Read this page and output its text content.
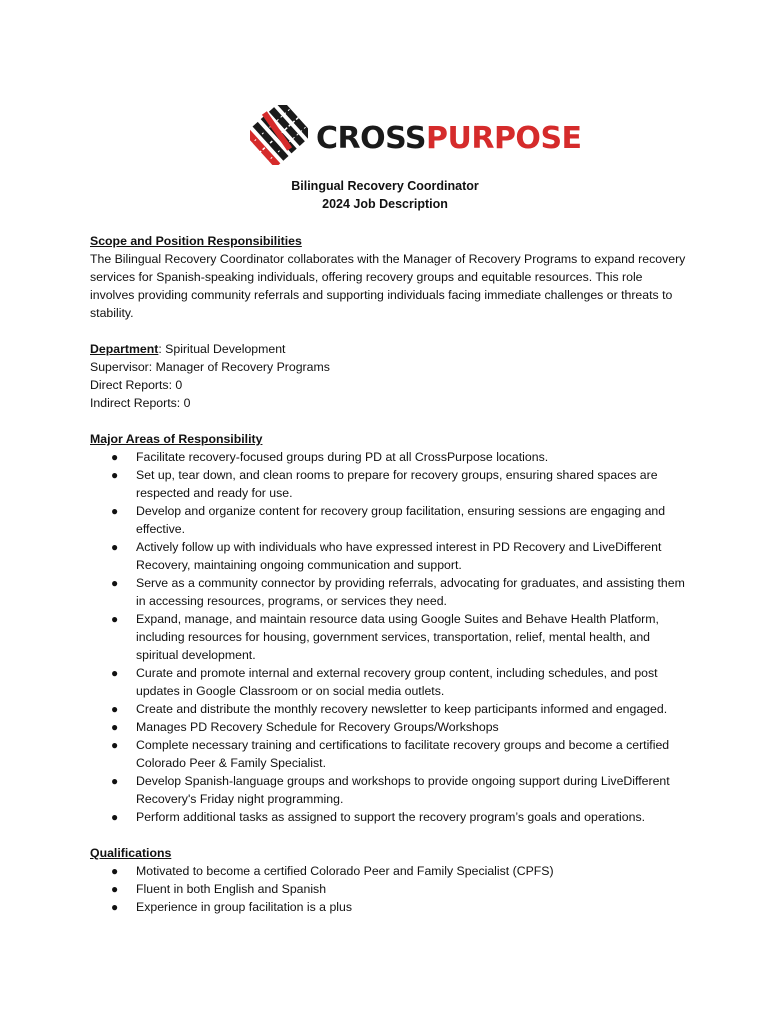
CROSSPURPOSE
Bilingual Recovery Coordinator
2024 Job Description
Scope and Position Responsibilities

The Bilingual Recovery Coordinator collaborates with the Manager of Recovery Programs to expand recovery services for Spanish-speaking individuals, offering recovery groups and equitable resources. This role involves providing community referrals and supporting individuals facing immediate challenges or threats to stability.

Department: Spiritual Development
Supervisor: Manager of Recovery Programs
Direct Reports: 0
Indirect Reports: 0
Major Areas of Responsibility
● Facilitate recovery-focused groups during PD at all CrossPurpose locations.
● Set up, tear down, and clean rooms to prepare for recovery groups, ensuring shared spaces are respected and ready for use.
● Develop and organize content for recovery group facilitation, ensuring sessions are engaging and effective.
● Actively follow up with individuals who have expressed interest in PD Recovery and LiveDifferent Recovery, maintaining ongoing communication and support.
● Serve as a community connector by providing referrals, advocating for graduates, and assisting them in accessing resources, programs, or services they need.
● Expand, manage, and maintain resource data using Google Suites and Behave Health Platform, including resources for housing, government services, transportation, relief, mental health, and spiritual development.
● Curate and promote internal and external recovery group content, including schedules, and post updates in Google Classroom or on social media outlets.
● Create and distribute the monthly recovery newsletter to keep participants informed and engaged.
● Manages PD Recovery Schedule for Recovery Groups/Workshops
● Complete necessary training and certifications to facilitate recovery groups and become a certified Colorado Peer & Family Specialist.
● Develop Spanish-language groups and workshops to provide ongoing support during LiveDifferent Recovery's Friday night programming.
● Perform additional tasks as assigned to support the recovery program’s goals and operations.
Qualifications
● Motivated to become a certified Colorado Peer and Family Specialist (CPFS)
● Fluent in both English and Spanish
● Experience in group facilitation is a plus
